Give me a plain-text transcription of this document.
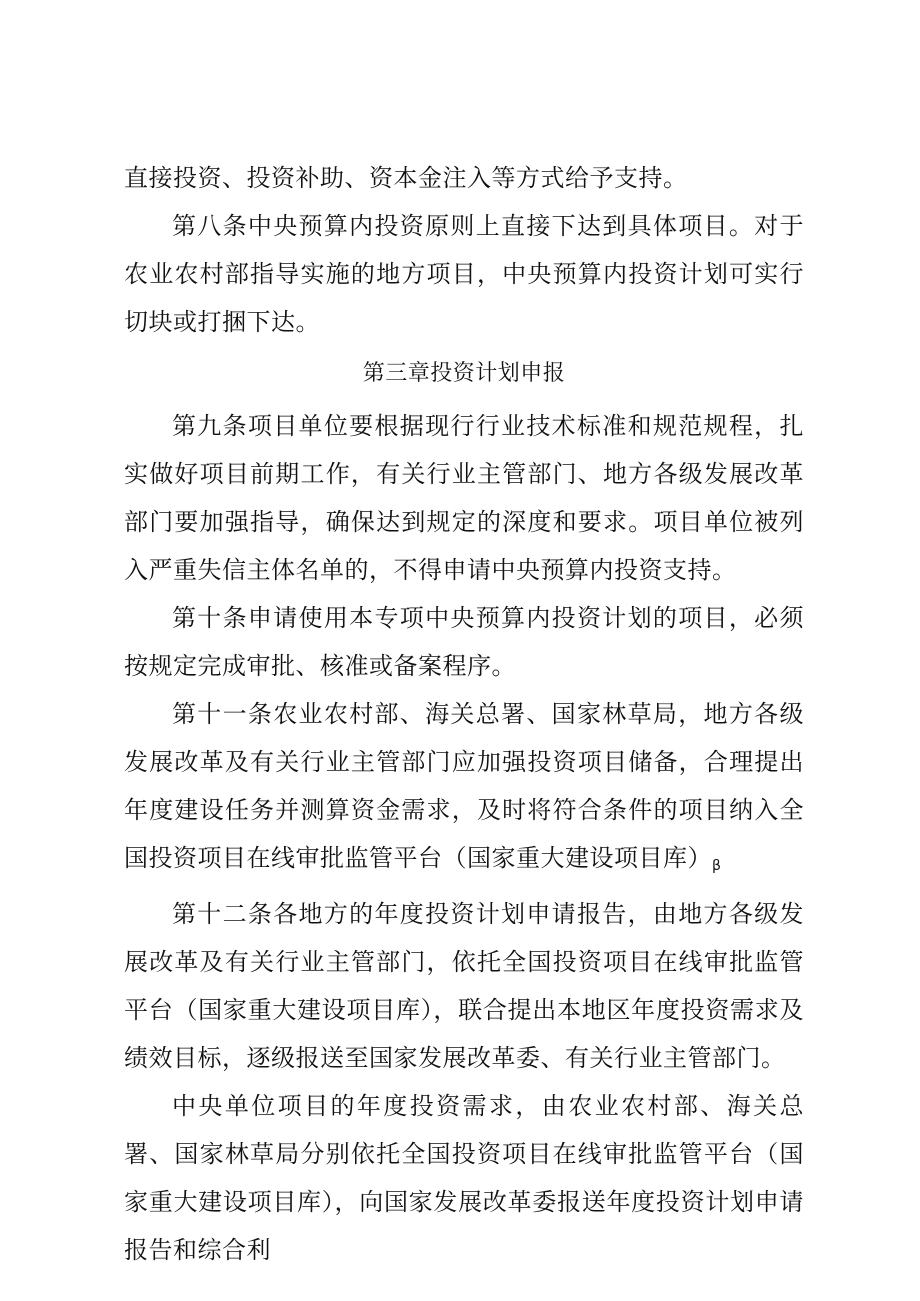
直接投资、投资补助、资本金注入等方式给予支持。

第八条中央预算内投资原则上直接下达到具体项目。对于农业农村部指导实施的地方项目，中央预算内投资计划可实行切块或打捆下达。

第三章投资计划申报

第九条项目单位要根据现行行业技术标准和规范规程，扎实做好项目前期工作，有关行业主管部门、地方各级发展改革部门要加强指导，确保达到规定的深度和要求。项目单位被列入严重失信主体名单的，不得申请中央预算内投资支持。

第十条申请使用本专项中央预算内投资计划的项目，必须按规定完成审批、核准或备案程序。

第十一条农业农村部、海关总署、国家林草局，地方各级发展改革及有关行业主管部门应加强投资项目储备，合理提出年度建设任务并测算资金需求，及时将符合条件的项目纳入全国投资项目在线审批监管平台（国家重大建设项目库）$_\beta$

第十二条各地方的年度投资计划申请报告，由地方各级发展改革及有关行业主管部门，依托全国投资项目在线审批监管平台（国家重大建设项目库），联合提出本地区年度投资需求及绩效目标，逐级报送至国家发展改革委、有关行业主管部门。

中央单位项目的年度投资需求，由农业农村部、海关总署、国家林草局分别依托全国投资项目在线审批监管平台（国家重大建设项目库），向国家发展改革委报送年度投资计划申请报告和综合利
